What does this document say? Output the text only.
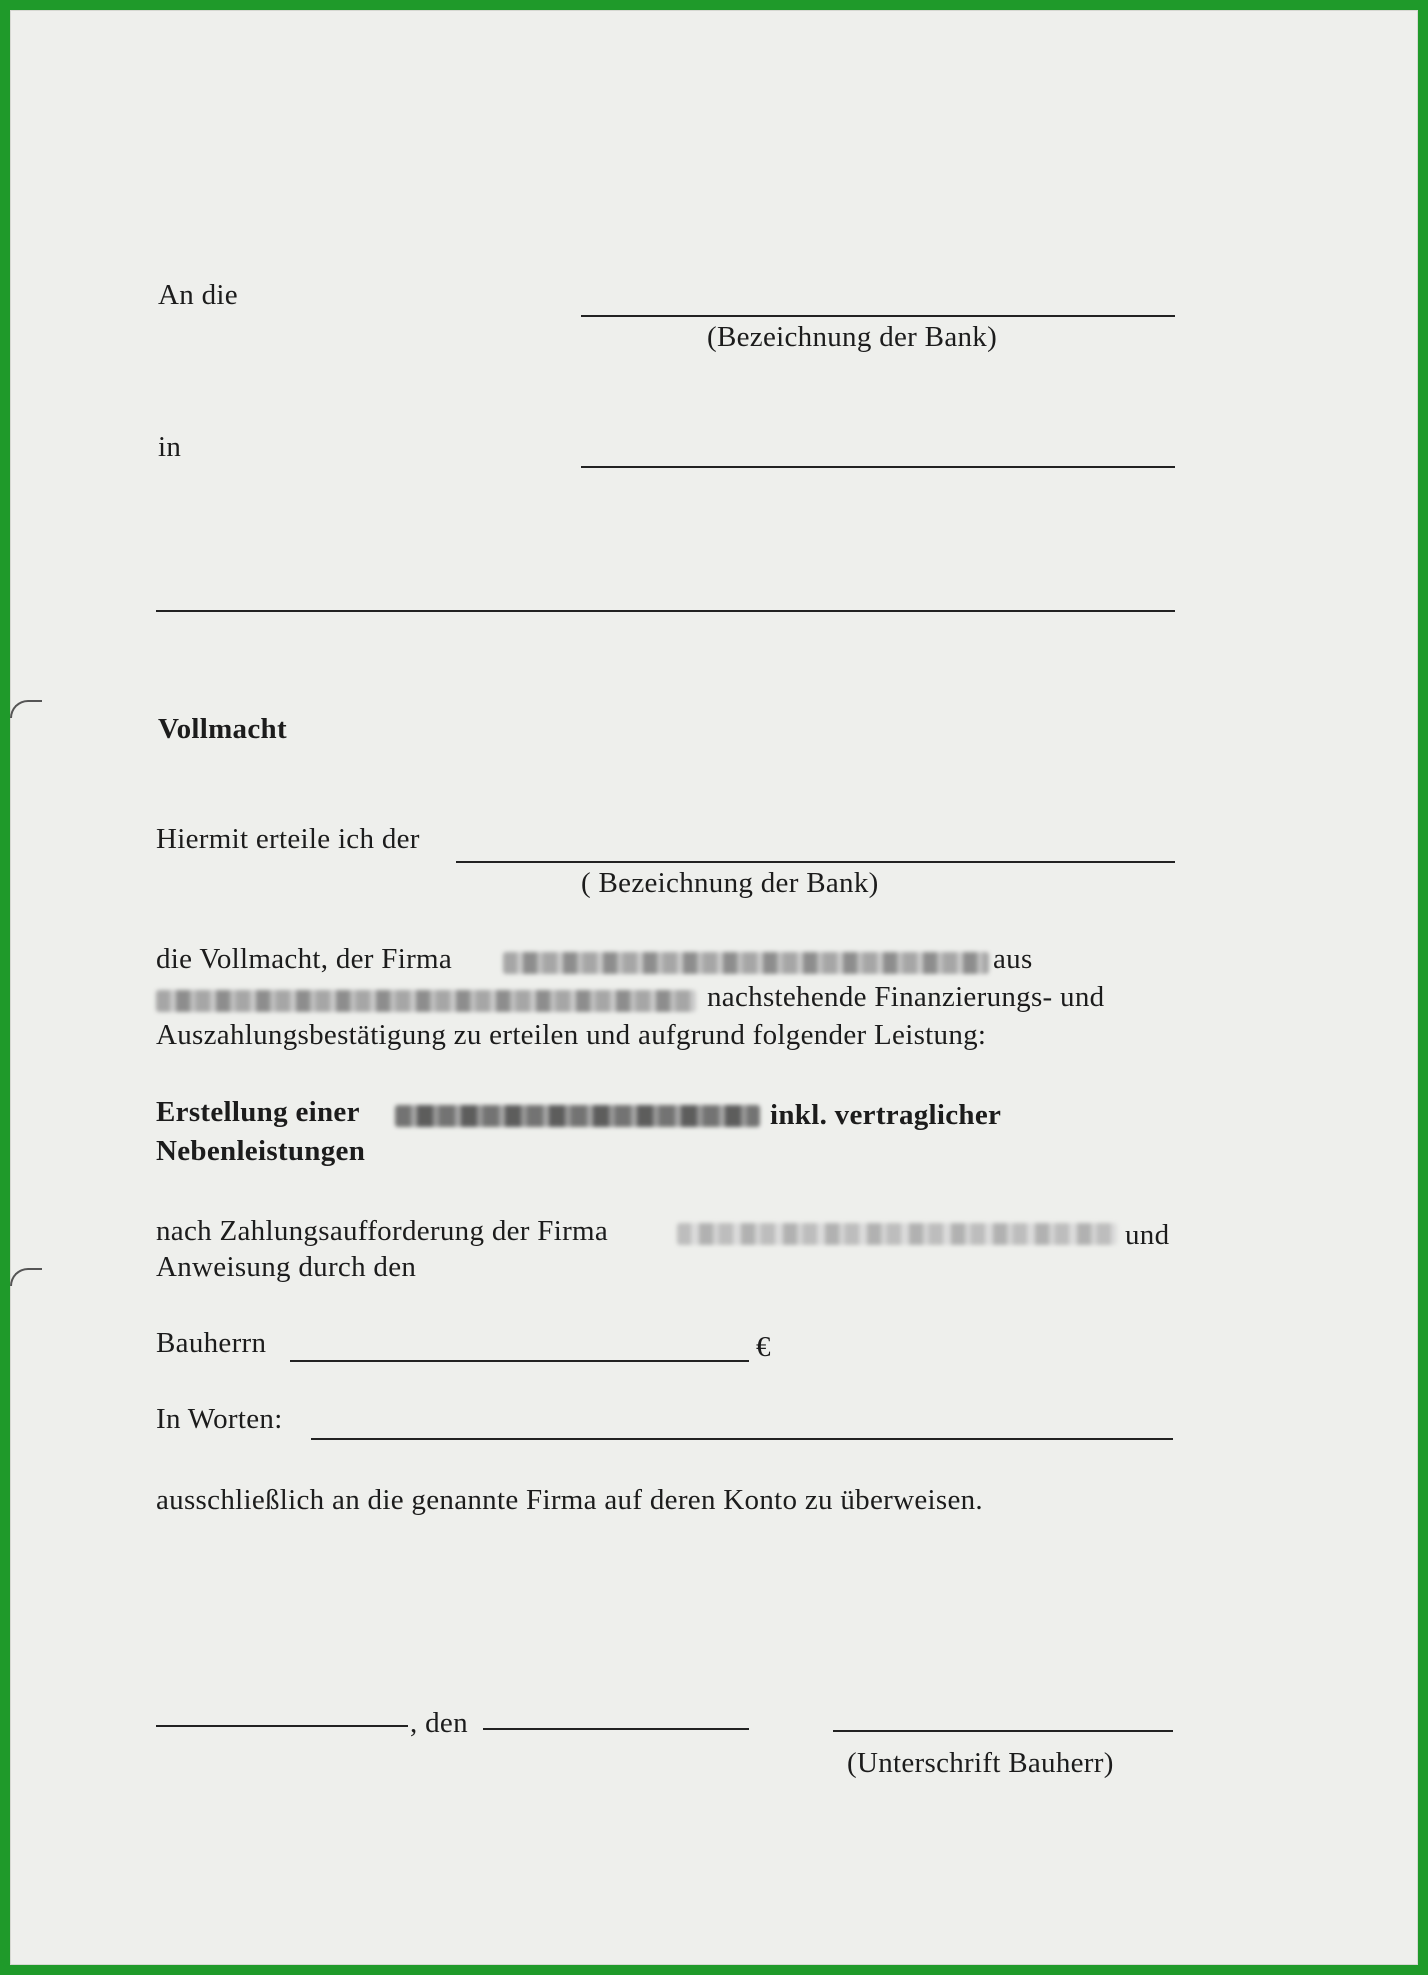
An die
(Bezeichnung der Bank)
in
Vollmacht
Hiermit erteile ich der
( Bezeichnung der Bank)
die Vollmacht, der Firma	aus
nachstehende Finanzierungs- und
Auszahlungsbestätigung zu erteilen und aufgrund folgender Leistung:
Erstellung einer	inkl. vertraglicher
Nebenleistungen
nach Zahlungsaufforderung der Firma	und
Anweisung durch den
Bauherrn	€
In Worten:
ausschließlich an die genannte Firma auf deren Konto zu überweisen.
, den
(Unterschrift Bauherr)
